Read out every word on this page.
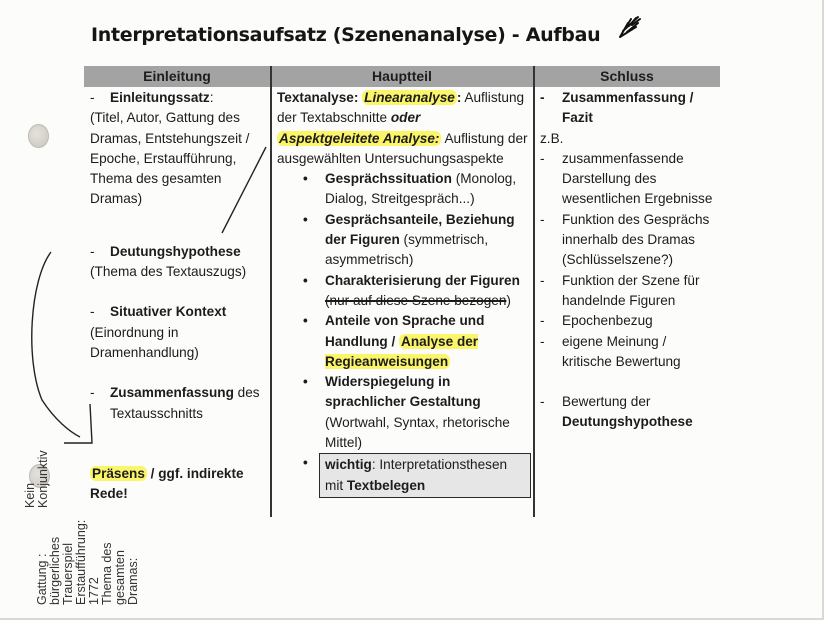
Interpretationsaufsatz (Szenenanalyse) - Aufbau
Einleitung	Hauptteil	Schluss
- Einleitungssatz:
(Titel, Autor, Gattung des Dramas, Entstehungszeit / Epoche, Erstaufführung, Thema des gesamten Dramas)
- Deutungshypothese
(Thema des Textauszugs)
- Situativer Kontext
(Einordnung in Dramenhandlung)
- Zusammenfassung des
Textausschnitts
Präsens / ggf. indirekte Rede!
Textanalyse: Linearanalyse : Auflistung der Textabschnitte oder
Aspektgeleitete Analyse: Auflistung der ausgewählten Untersuchungsaspekte
• Gesprächssituation (Monolog, Dialog, Streitgespräch...)
• Gesprächsanteile, Beziehung der Figuren (symmetrisch, asymmetrisch)
• Charakterisierung der Figuren
(nur auf diese Szene bezogen)
• Anteile von Sprache und Handlung / Analyse der Regieanweisungen
• Widerspiegelung in sprachlicher Gestaltung (Wortwahl, Syntax, rhetorische Mittel)
• wichtig: Interpretationsthesen mit Textbelegen
- Zusammenfassung / Fazit
z.B.
- zusammenfassende Darstellung des wesentlichen Ergebnisse
- Funktion des Gesprächs innerhalb des Dramas (Schlüsselszene?)
- Funktion der Szene für handelnde Figuren
- Epochenbezug
- eigene Meinung / kritische Bewertung
- Bewertung der
Deutungshypothese
Kein Konjunktiv
Gattung : bürgerliches Trauerspiel Erstaufführung: 1772 Thema des gesamten Dramas:
